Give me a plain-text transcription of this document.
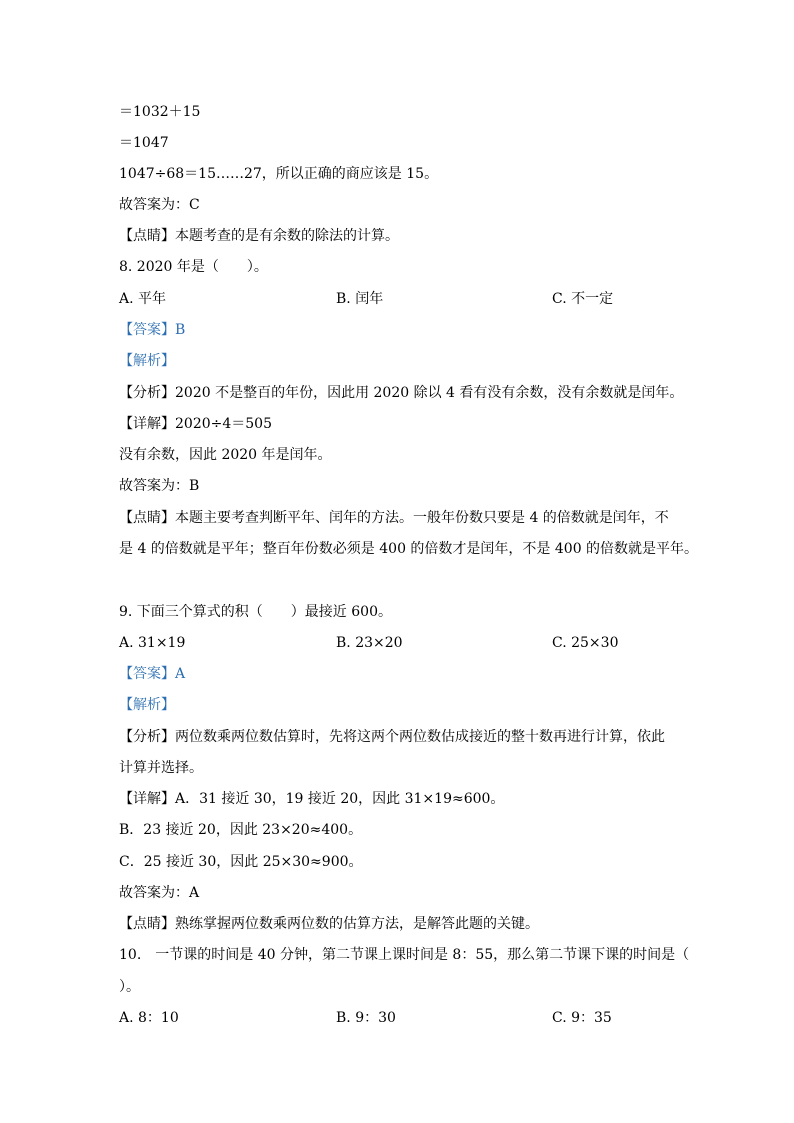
＝1032＋15
＝1047
1047÷68＝15……27，所以正确的商应该是 15。
故答案为：C
【点睛】本题考查的是有余数的除法的计算。
8. 2020 年是（　　）。
A. 平年	B. 闰年	C. 不一定
【答案】B
【解析】
【分析】2020 不是整百的年份，因此用 2020 除以 4 看有没有余数，没有余数就是闰年。
【详解】2020÷4＝505
没有余数，因此 2020 年是闰年。
故答案为：B
【点睛】本题主要考查判断平年、闰年的方法。一般年份数只要是 4 的倍数就是闰年，不
是 4 的倍数就是平年；整百年份数必须是 400 的倍数才是闰年，不是 400 的倍数就是平年。
9. 下面三个算式的积（　　）最接近 600。
A. 31×19	B. 23×20	C. 25×30
【答案】A
【解析】
【分析】两位数乘两位数估算时，先将这两个两位数估成接近的整十数再进行计算，依此
计算并选择。
【详解】A．31 接近 30，19 接近 20，因此 31×19≈600。
B．23 接近 20，因此 23×20≈400。
C．25 接近 30，因此 25×30≈900。
故答案为：A
【点睛】熟练掌握两位数乘两位数的估算方法，是解答此题的关键。
10.　一节课的时间是 40 分钟，第二节课上课时间是 8：55，那么第二节课下课的时间是（
）。
A. 8：10	B. 9：30	C. 9：35
